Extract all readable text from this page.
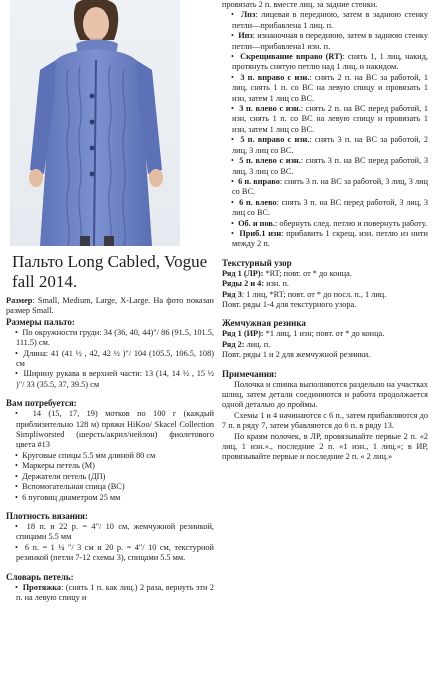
Пальто Long Cabled, Vogue fall 2014.

Размер: Small, Medium, Large, X-Large. На фото показан размер Small.

Размеры пальто:

•  По окружности груди: 34 (36, 40, 44)"/ 86 (91.5, 101.5, 111.5) см.

•  Длина: 41 (41 ½ , 42, 42 ½ )"/ 104 (105.5, 106.5, 108) см

•  Ширину рукава в верхней части: 13 (14, 14 ½ , 15 ½ )"/ 33 (35.5, 37, 39.5) см

Вам потребуется:

•  14 (15, 17, 19) мотков по 100 г (каждый приблизительно 128 м) пряжи HiKoo/ Skacel Collection Simpliworsted (шерсть/акрил/нейлон) фиолетового цвета #13

•  Круговые спицы 5.5 мм длиной 80 см

•  Маркеры петель (М)

•  Держатели петель (ДП)

•  Вспомогательная спица (ВС)

•  6 пуговиц диаметром 25 мм

Плотность вязания:

•  18 п. и 22 р. = 4"/ 10 см, жемчужной резинкой, спицами 5.5 мм

•  6 п. = 1 ¼ "/ 3 см и 20 р. = 4"/ 10 см, текстурной резинкой (петли 7-12 схемы 3), спицами 5.5 мм.

Словарь петель:

•  Протяжка: (снять 1 п. как лиц.) 2 раза, вернуть эти 2 п. на левую спицу и

провязать 2 п. вместе лиц. за задние стенки.

•  Лпз: лицевая в переднюю, затем в заднюю стенку петли—прибавлена 1 лиц. п.

•  Ипз: изнаночная в переднюю, затем в заднюю стенку петли—прибавлена1 изн. п.

•  Скрещивание вправо (RT): снять 1, 1 лиц, накид, протянуть снятую петлю над 1 лиц. и накидом.

•  3 п. вправо с изн.: снять 2 п. на ВС за работой, 1 лиц, снять 1 п. со ВС на левую спицу и провязать 1 изн, затем 1 лиц со ВС.

•  3 п. влево с изн.: снять 2 п. на ВС перед работой, 1 изн, снять 1 п. со ВС на левую спицу и провязать 1 изн, затем 1 лиц со ВС.

•  5 п. вправо с изн.: снять 3 п. на ВС за работой, 2 лиц, 3 лиц со ВС.

•  5 п. влево с изн.: снять 3 п. на ВС перед работой, 3 лиц, 3 лиц со ВС.

•  6 п. вправо: снять 3 п. на ВС за работой, 3 лиц, 3 лиц со ВС.

•  6 п. влево: снять 3 п. на ВС перед работой, 3 лиц, 3 лиц со ВС.

•  Об. и пов.: обернуть след. петлю и повернуть работу.

•  Приб.1 изн: прибавить 1 скрещ. изн. петлю из нити между 2 п.

Текстурный узор

Ряд 1 (ЛР): *RT; повт. от * до конца.

Ряды 2 и 4: изн. п.

Ряд 3: 1 лиц, *RT; повт. от * до посл. п., 1 лиц.

Повт. ряды 1-4 для текстурного узора.

Жемчужная резинка

Ряд 1 (ИР): *1 лиц, 1 изн; повт. от * до конца.

Ряд 2: лиц. п.

Повт. ряды 1 и 2 для жемчужной резинки.

Примечания:

Полочка и спинка выполняются раздельно на участках шлиц, затем детали соединяются и работа продолжается одной деталью до проймы.

Схемы 1 и 4 начинаются с 6 п., затем прибавляются до 7 п. в ряду 7, затем убавляются до 6 п. в ряду 13.

По краям полочек, в ЛР, провязывайте первые 2 п. «2 лиц, 1 изн.»., последние 2 п. «1 изн., 1 лиц.»; в ИР, провязывайте первые и последние 2 п. « 2 лиц.»
